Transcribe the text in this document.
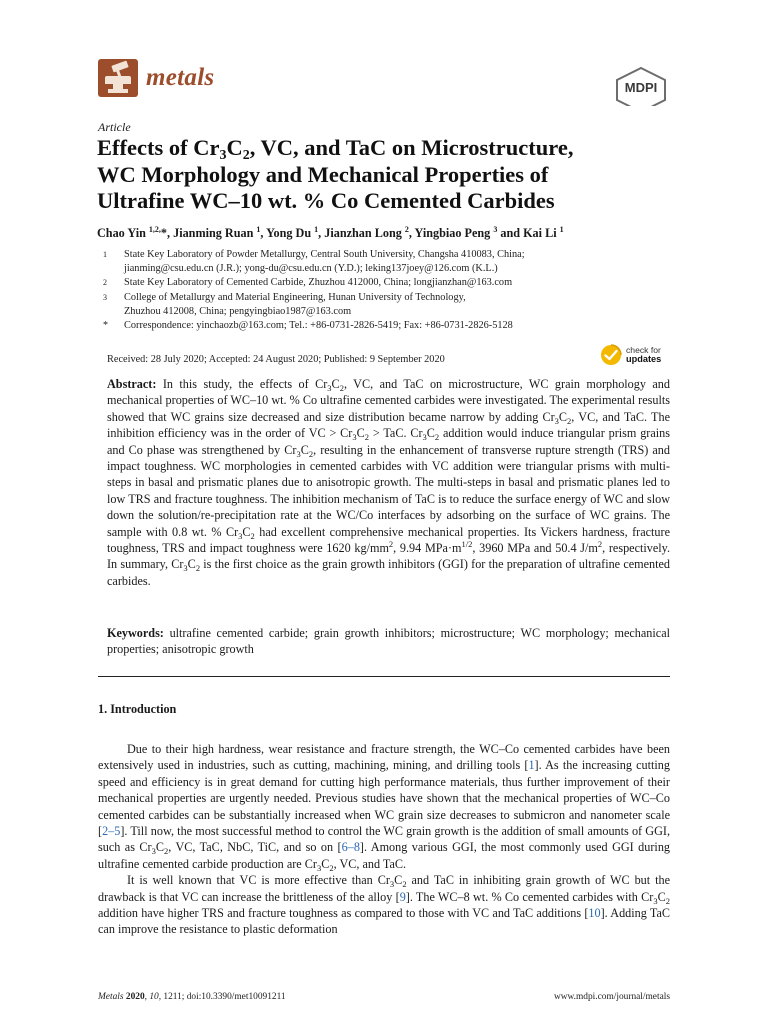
metals	MDPI
Article
Effects of $Cr_3C_2$, VC, and TaC on Microstructure,
WC Morphology and Mechanical Properties of
Ultrafine WC–10 wt. % Co Cemented Carbides
Chao Yin $^{1,2,}$*, Jianming Ruan $^1$, Yong Du $^1$, Jianzhan Long $^2$, Yingbiao Peng $^3$ and Kai Li $^1$
1	State Key Laboratory of Powder Metallurgy, Central South University, Changsha 410083, China;
jianming@csu.edu.cn (J.R.); yong-du@csu.edu.cn (Y.D.); leking137joey@126.com (K.L.)
2	State Key Laboratory of Cemented Carbide, Zhuzhou 412000, China; longjianzhan@163.com
3	College of Metallurgy and Material Engineering, Hunan University of Technology,
Zhuzhou 412008, China; pengyingbiao1987@163.com
*	Correspondence: yinchaozb@163.com; Tel.: +86-0731-2826-5419; Fax: +86-0731-2826-5128
Received: 28 July 2020; Accepted: 24 August 2020; Published: 9 September 2020
check for
updates
Abstract: In this study, the effects of $Cr_3C_2$, VC, and TaC on microstructure, WC grain morphology and mechanical properties of WC–10 wt. % Co ultrafine cemented carbides were investigated. The experimental results showed that WC grains size decreased and size distribution became narrow by adding $Cr_3C_2$, VC, and TaC. The inhibition efficiency was in the order of VC > $Cr_3C_2$ > TaC. $Cr_3C_2$ addition would induce triangular prism grains and Co phase was strengthened by $Cr_3C_2$, resulting in the enhancement of transverse rupture strength (TRS) and impact toughness. WC morphologies in cemented carbides with VC addition were triangular prisms with multi-steps in basal and prismatic planes due to anisotropic growth. The multi-steps in basal and prismatic planes led to low TRS and fracture toughness. The inhibition mechanism of TaC is to reduce the surface energy of WC and slow down the solution/re-precipitation rate at the WC/Co interfaces by adsorbing on the surface of WC grains. The sample with 0.8 wt. % $Cr_3C_2$ had excellent comprehensive mechanical properties. Its Vickers hardness, fracture toughness, TRS and impact toughness were 1620 $kg/mm^2$, 9.94 $MPa\cdot m^{1/2}$, 3960 MPa and 50.4 $J/m^2$, respectively. In summary, $Cr_3C_2$ is the first choice as the grain growth inhibitors (GGI) for the preparation of ultrafine cemented carbides.
Keywords: ultrafine cemented carbide; grain growth inhibitors; microstructure; WC morphology; mechanical properties; anisotropic growth
1. Introduction

Due to their high hardness, wear resistance and fracture strength, the WC–Co cemented carbides have been extensively used in industries, such as cutting, machining, mining, and drilling tools [1]. As the increasing cutting speed and efficiency is in great demand for cutting high performance materials, thus further improvement of their mechanical properties are urgently needed. Previous studies have shown that the mechanical properties of WC–Co cemented carbides can be substantially increased when WC grain size decreases to submicron and nanometer scale [2–5]. Till now, the most successful method to control the WC grain growth is the addition of small amounts of GGI, such as $Cr_3C_2$, VC, TaC, NbC, TiC, and so on [6–8]. Among various GGI, the most commonly used GGI during ultrafine cemented carbide production are $Cr_3C_2$, VC, and TaC.

It is well known that VC is more effective than $Cr_3C_2$ and TaC in inhibiting grain growth of WC but the drawback is that VC can increase the brittleness of the alloy [9]. The WC–8 wt. % Co cemented carbides with $Cr_3C_2$ addition have higher TRS and fracture toughness as compared to those with VC and TaC additions [10]. Adding TaC can improve the resistance to plastic deformation

Metals 2020, 10, 1211; doi:10.3390/met10091211	www.mdpi.com/journal/metals
